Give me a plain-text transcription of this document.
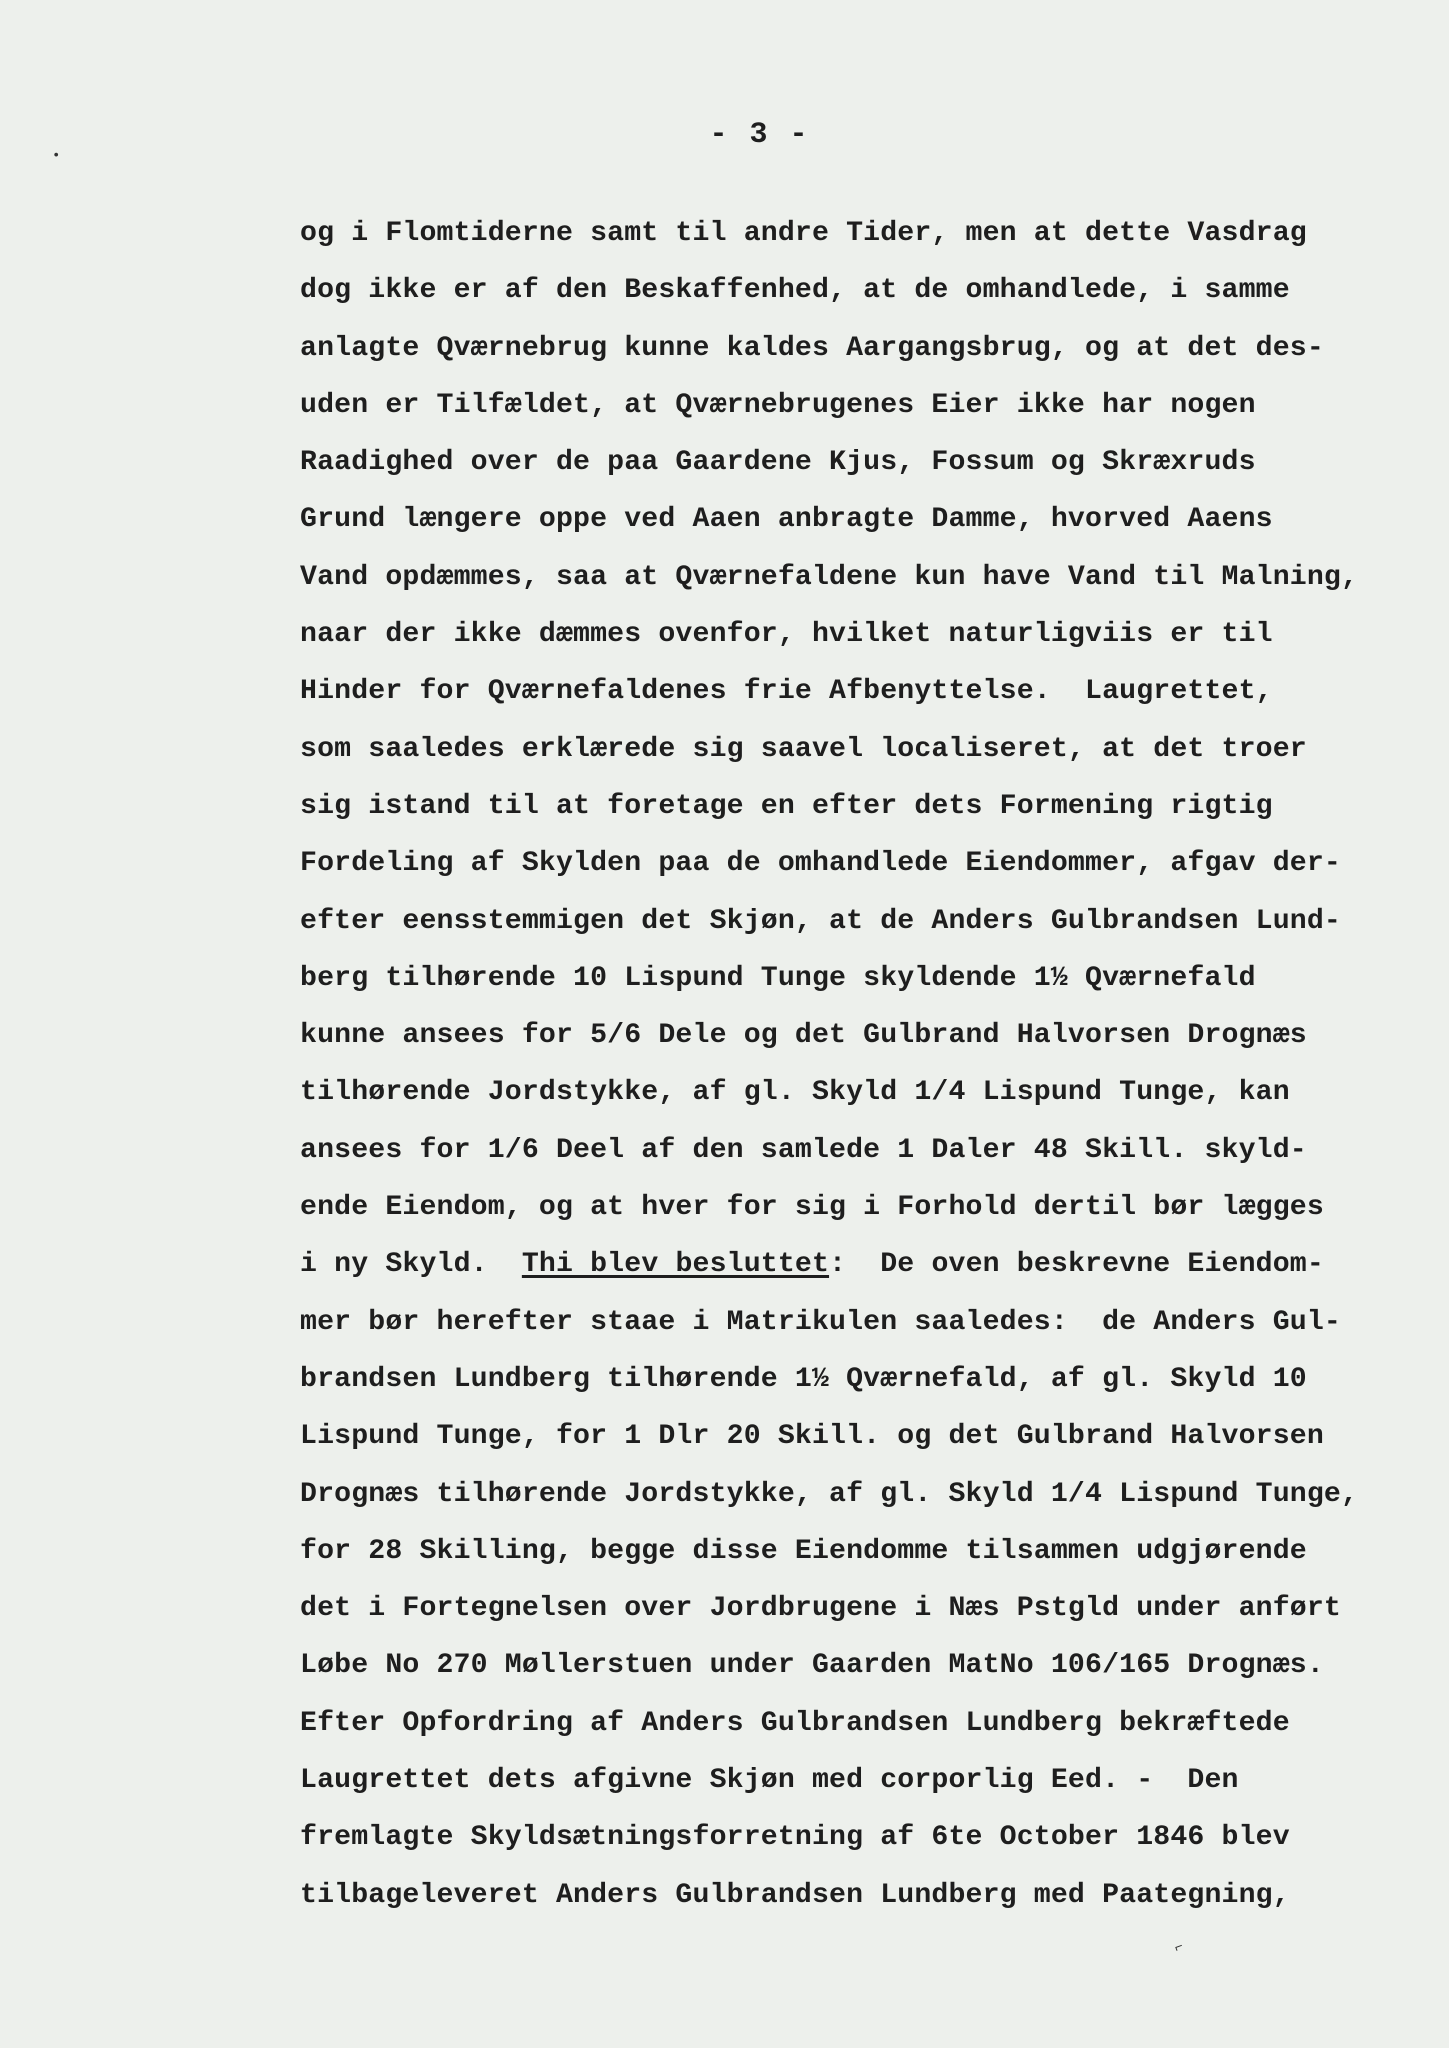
•
- 3 -
og i Flomtiderne samt til andre Tider, men at dette Vasdrag
dog ikke er af den Beskaffenhed, at de omhandlede, i samme
anlagte Qværnebrug kunne kaldes Aargangsbrug, og at det des-
uden er Tilfældet, at Qværnebrugenes Eier ikke har nogen
Raadighed over de paa Gaardene Kjus, Fossum og Skræxruds
Grund længere oppe ved Aaen anbragte Damme, hvorved Aaens
Vand opdæmmes, saa at Qværnefaldene kun have Vand til Malning,
naar der ikke dæmmes ovenfor, hvilket naturligviis er til
Hinder for Qværnefaldenes frie Afbenyttelse.  Laugrettet,
som saaledes erklærede sig saavel localiseret, at det troer
sig istand til at foretage en efter dets Formening rigtig
Fordeling af Skylden paa de omhandlede Eiendommer, afgav der-
efter eensstemmigen det Skjøn, at de Anders Gulbrandsen Lund-
berg tilhørende 10 Lispund Tunge skyldende 1½ Qværnefald
kunne ansees for 5/6 Dele og det Gulbrand Halvorsen Drognæs
tilhørende Jordstykke, af gl. Skyld 1/4 Lispund Tunge, kan
ansees for 1/6 Deel af den samlede 1 Daler 48 Skill. skyld-
ende Eiendom, og at hver for sig i Forhold dertil bør lægges
i ny Skyld. Thi blev besluttet:  De oven beskrevne Eiendom-
mer bør herefter staae i Matrikulen saaledes:  de Anders Gul-
brandsen Lundberg tilhørende 1½ Qværnefald, af gl. Skyld 10
Lispund Tunge, for 1 Dlr 20 Skill. og det Gulbrand Halvorsen
Drognæs tilhørende Jordstykke, af gl. Skyld 1/4 Lispund Tunge,
for 28 Skilling, begge disse Eiendomme tilsammen udgjørende
det i Fortegnelsen over Jordbrugene i Næs Pstgld under anført
Løbe No 270 Møllerstuen under Gaarden MatNo 106/165 Drognæs.
Efter Opfordring af Anders Gulbrandsen Lundberg bekræftede
Laugrettet dets afgivne Skjøn med corporlig Eed. -  Den
fremlagte Skyldsætningsforretning af 6te October 1846 blev
tilbageleveret Anders Gulbrandsen Lundberg med Paategning,
⌐
